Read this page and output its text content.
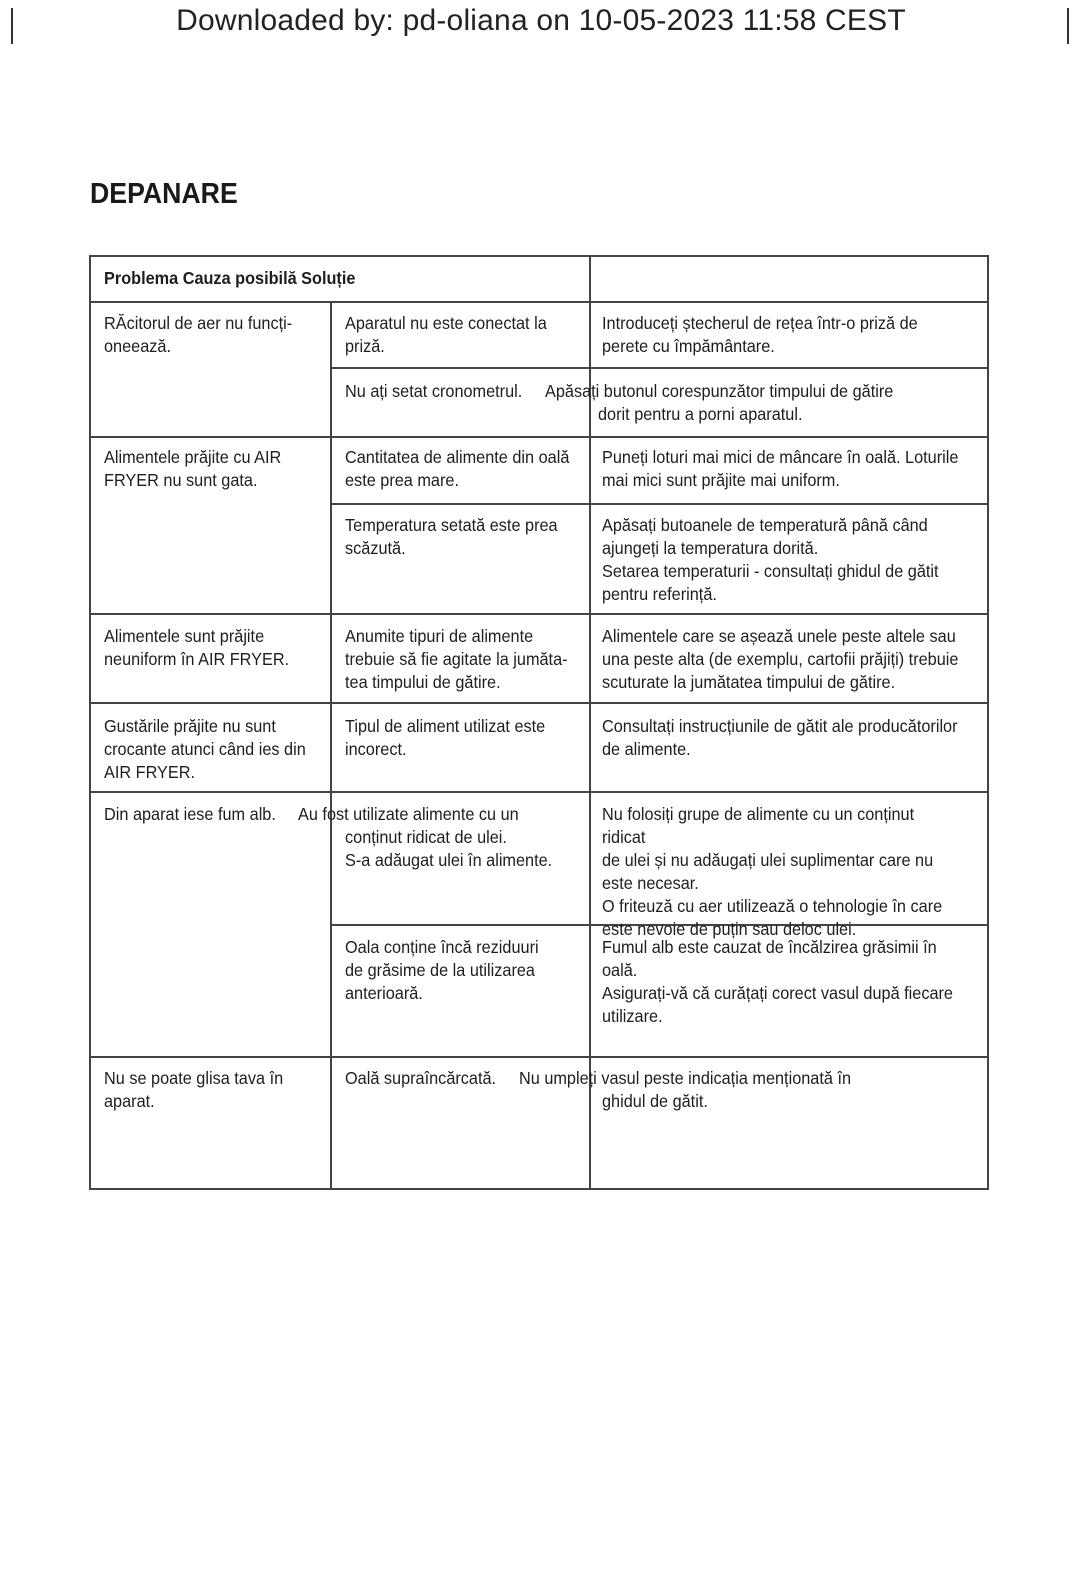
Downloaded by: pd-oliana on 10-05-2023 11:58 CEST
DEPANARE
Problema Cauza posibilă Soluție
RĂcitorul de aer nu funcți-
oneează.
Aparatul nu este conectat la
priză.
Introduceți ștecherul de rețea într-o priză de
perete cu împământare.
Nu ați setat cronometrul. Apăsați butonul corespunzător timpului de gătire
dorit pentru a porni aparatul.
Alimentele prăjite cu AIR
FRYER nu sunt gata.
Cantitatea de alimente din oală
este prea mare.
Puneți loturi mai mici de mâncare în oală. Loturile
mai mici sunt prăjite mai uniform.
Temperatura setată este prea
scăzută.
Apăsați butoanele de temperatură până când
ajungeți la temperatura dorită.
Setarea temperaturii - consultați ghidul de gătit
pentru referință.
Alimentele sunt prăjite
neuniform în AIR FRYER.
Anumite tipuri de alimente
trebuie să fie agitate la jumăta-
tea timpului de gătire.
Alimentele care se așează unele peste altele sau
una peste alta (de exemplu, cartofii prăjiți) trebuie
scuturate la jumătatea timpului de gătire.
Gustările prăjite nu sunt
crocante atunci când ies din
AIR FRYER.
Tipul de aliment utilizat este
incorect.
Consultați instrucțiunile de gătit ale producătorilor
de alimente.
Din aparat iese fum alb. Au fost utilizate alimente cu un
conținut ridicat de ulei.
S-a adăugat ulei în alimente.
Nu folosiți grupe de alimente cu un conținut ridicat
de ulei și nu adăugați ulei suplimentar care nu
este necesar.
O friteuză cu aer utilizează o tehnologie în care
este nevoie de puțin sau deloc ulei.
Oala conține încă reziduuri
de grăsime de la utilizarea
anterioară.
Fumul alb este cauzat de încălzirea grăsimii în
oală.
Asigurați-vă că curățați corect vasul după fiecare
utilizare.
Nu se poate glisa tava în
aparat.
Oală supraîncărcată. Nu umpleți vasul peste indicația menționată în
ghidul de gătit.
